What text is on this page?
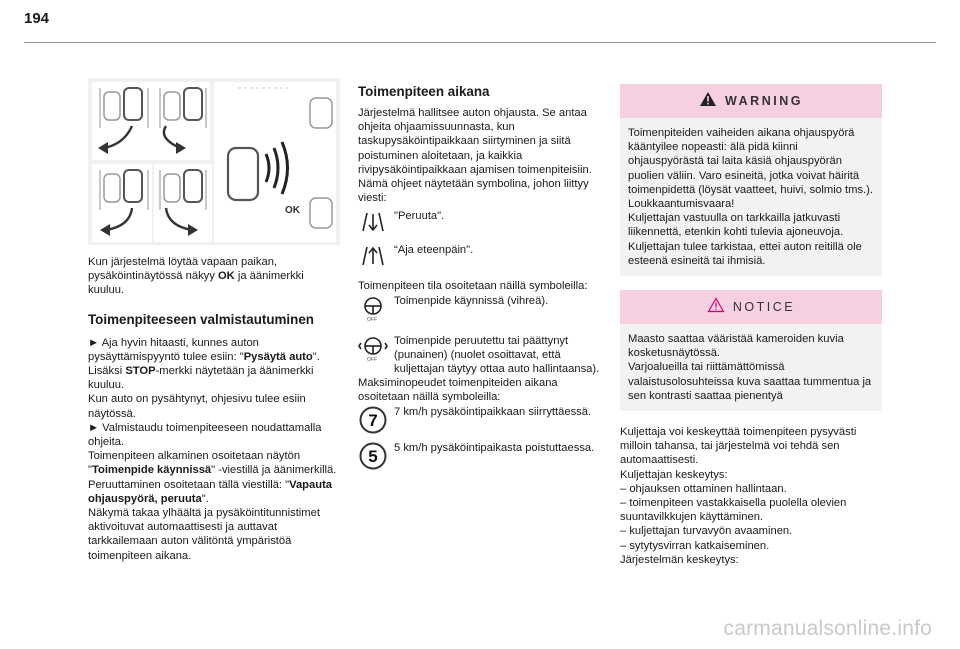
194
OK

Kun järjestelmä löytää vapaan paikan, pysäköintinäytössä näkyy OK ja äänimerkki kuuluu.

Toimenpiteeseen valmistautuminen

► Aja hyvin hitaasti, kunnes auton pysäyttämispyyntö tulee esiin: "Pysäytä auto".

Lisäksi STOP-merkki näytetään ja äänimerkki kuuluu.

Kun auto on pysähtynyt, ohjesivu tulee esiin näytössä.

► Valmistaudu toimenpiteeseen noudattamalla ohjeita.

Toimenpiteen alkaminen osoitetaan näytön "Toimenpide käynnissä" -viestillä ja äänimerkillä.

Peruuttaminen osoitetaan tällä viestillä: "Vapauta ohjauspyörä, peruuta".

Näkymä takaa ylhäältä ja pysäköintitunnistimet aktivoituvat automaattisesti ja auttavat tarkkailemaan auton välitöntä ympäristöä toimenpiteen aikana.

Toimenpiteen aikana

Järjestelmä hallitsee auton ohjausta. Se antaa ohjeita ohjaamissuunnasta, kun taskupysäköintipaikkaan siirtyminen ja siitä poistuminen aloitetaan, ja kaikkia rivipysäköintipaikkaan ajamisen toimenpiteisiin. Nämä ohjeet näytetään symbolina, johon liittyy viesti:

"Peruuta".

“Aja eteenpäin".

Toimenpiteen tila osoitetaan näillä symboleilla:

OFF

Toimenpide käynnissä (vihreä).

OFF

Toimenpide peruutettu tai päättynyt (punainen) (nuolet osoittavat, että kuljettajan täytyy ottaa auto hallintaansa).

Maksiminopeudet toimenpiteiden aikana osoitetaan näillä symboleilla:

7 7 km/h pysäköintipaikkaan siirryttäessä.

5 5 km/h pysäköintipaikasta poistuttaessa.

WARNING
Toimenpiteiden vaiheiden aikana ohjauspyörä kääntyilee nopeasti: älä pidä kiinni ohjauspyörästä tai laita käsiä ohjauspyörän puolien väliin. Varo esineitä, jotka voivat häiritä toimenpidettä (löysät vaatteet, huivi, solmio tms.). Loukkaantumisvaara!
Kuljettajan vastuulla on tarkkailla jatkuvasti liikennettä, etenkin kohti tulevia ajoneuvoja. Kuljettajan tulee tarkistaa, ettei auton reitillä ole esteenä esineitä tai ihmisiä.
NOTICE
Maasto saattaa vääristää kameroiden kuvia kosketusnäytössä.
Varjoalueilla tai riittämättömissä valaistusolosuhteissa kuva saattaa tummentua ja sen kontrasti saattaa pienentyä

Kuljettaja voi keskeyttää toimenpiteen pysyvästi milloin tahansa, tai järjestelmä voi tehdä sen automaattisesti.
Kuljettajan keskeytys:
– ohjauksen ottaminen hallintaan.
– toimenpiteen vastakkaisella puolella olevien suuntavilkkujen käyttäminen.
– kuljettajan turvavyön avaaminen.
– sytytysvirran katkaiseminen.
Järjestelmän keskeytys:

carmanualsonline.info
